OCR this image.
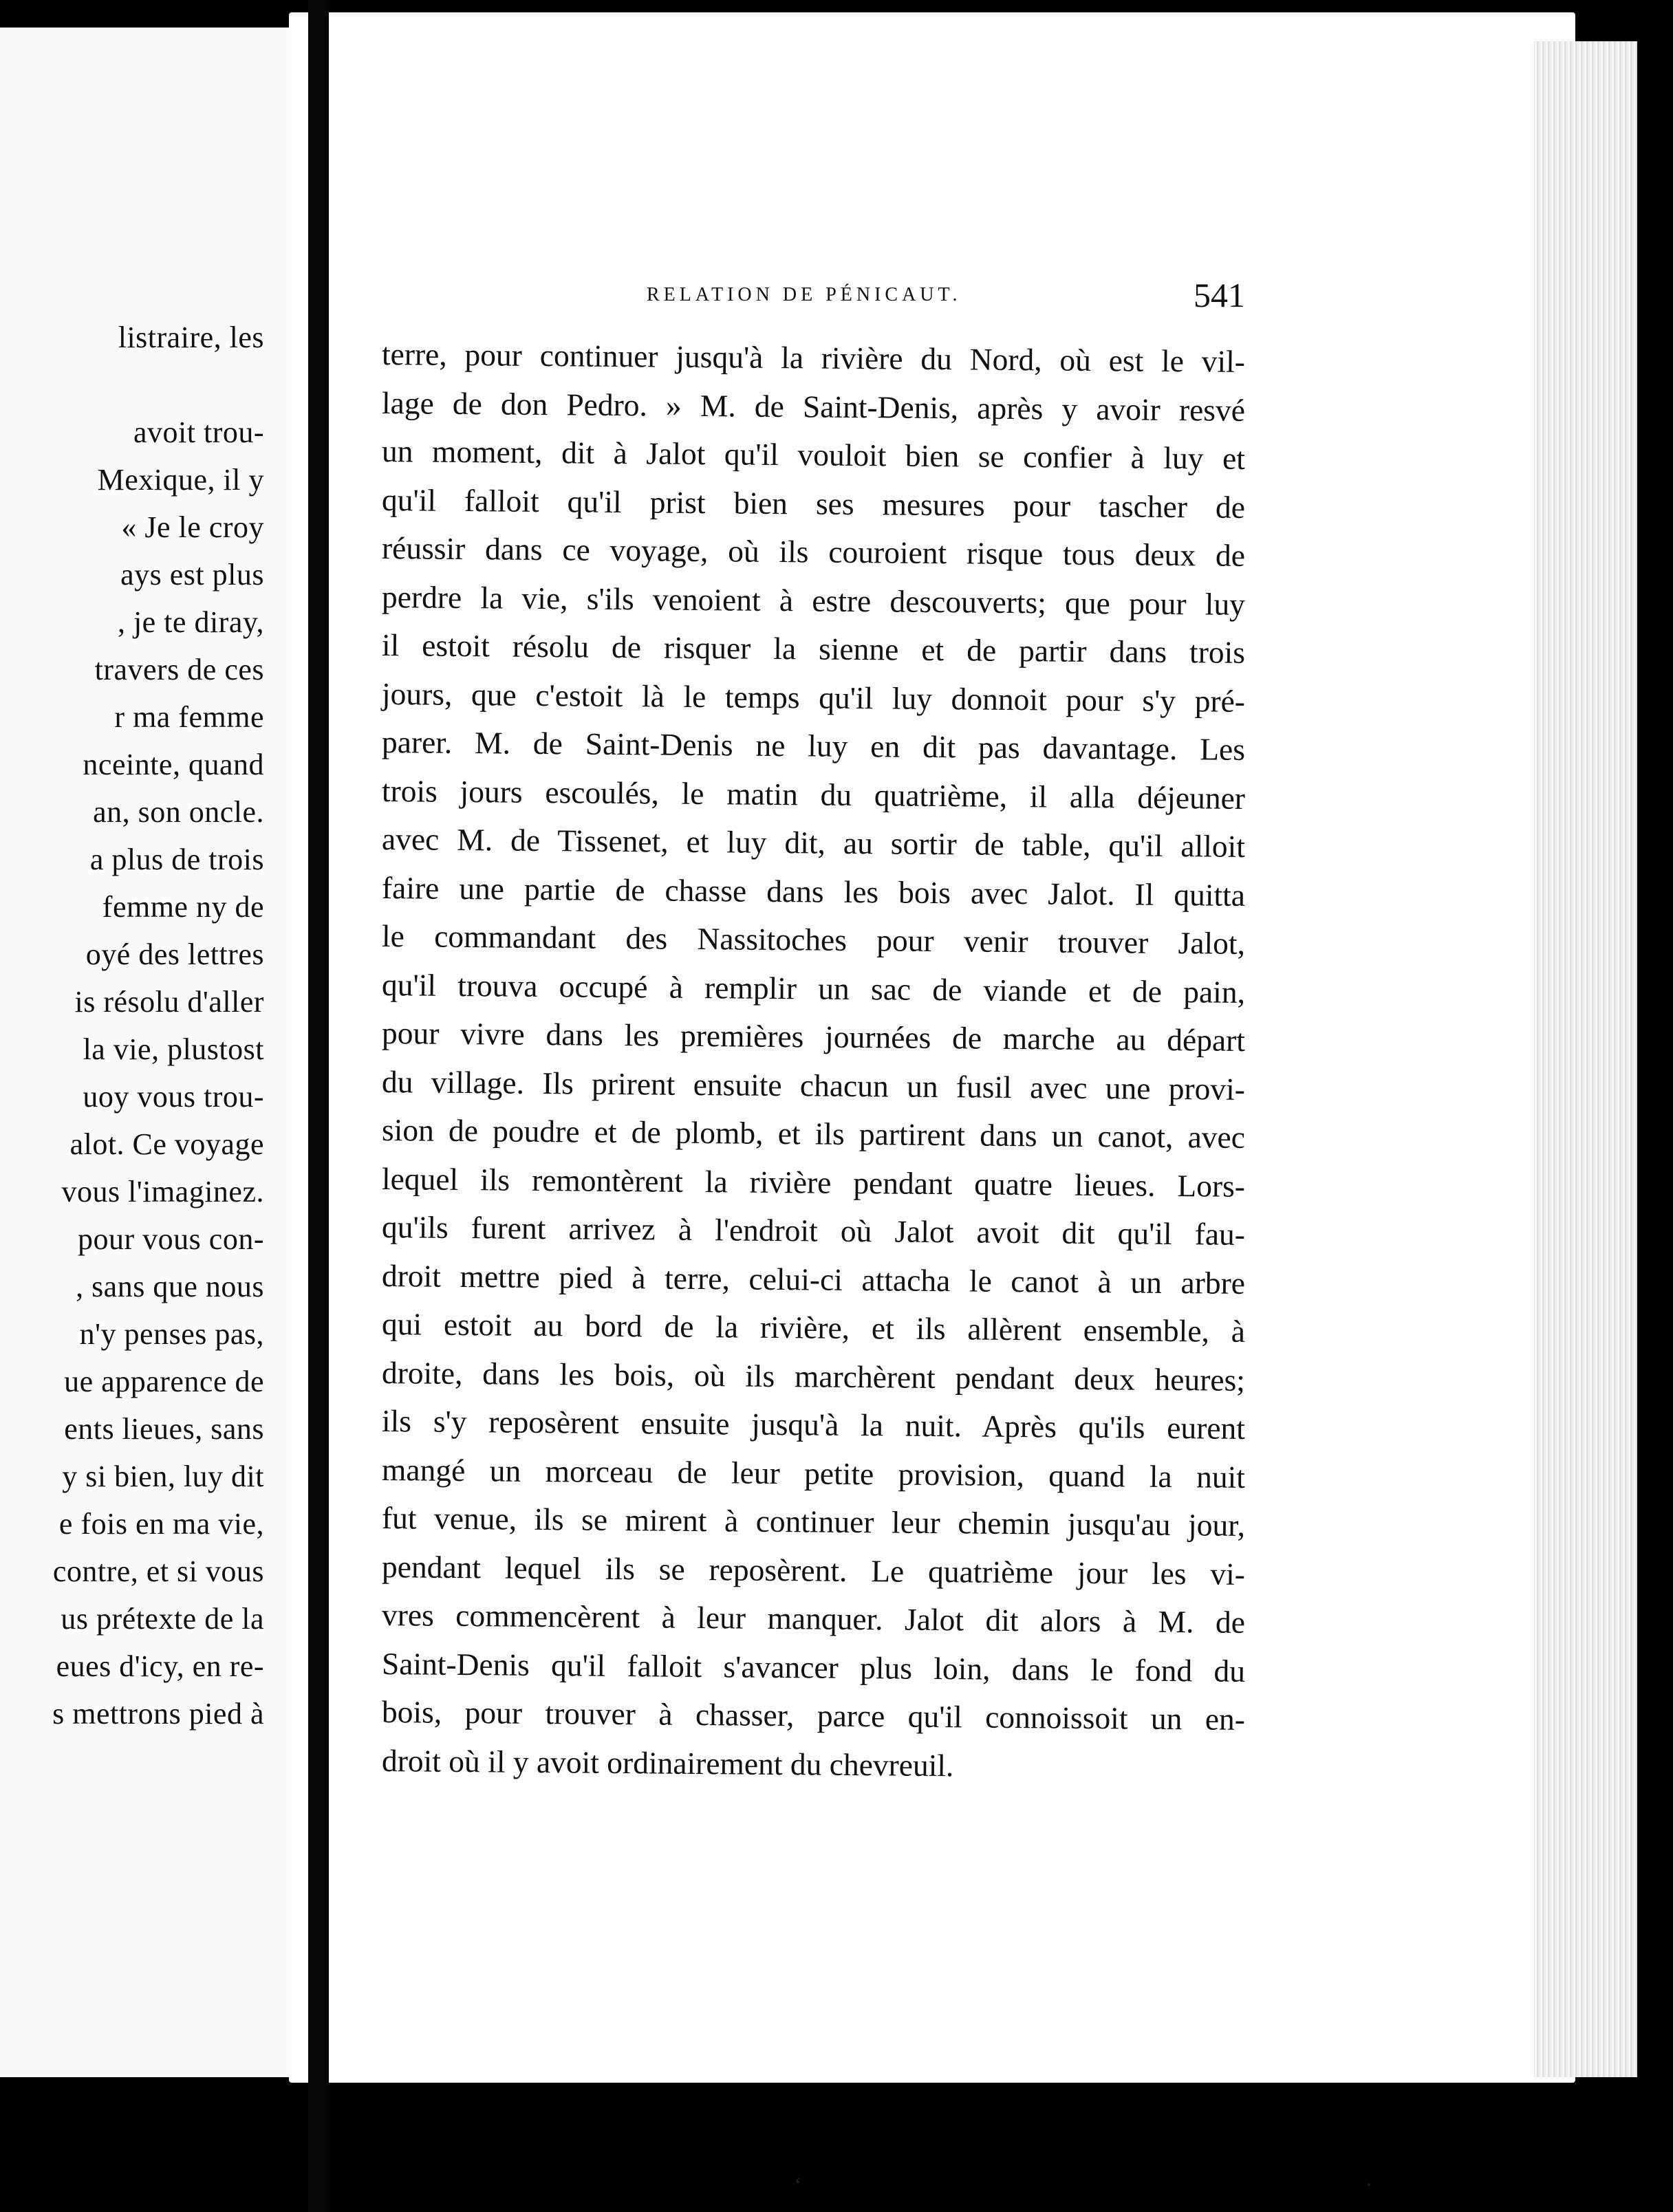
listraire, les
avoit trou-
Mexique, il y
« Je le croy
ays est plus
, je te diray,
travers de ces
r ma femme
nceinte, quand
an, son oncle.
a plus de trois
femme ny de
oyé des lettres
is résolu d'aller
la vie, plustost
uoy vous trou-
alot. Ce voyage
vous l'imaginez.
pour vous con-
, sans que nous
n'y penses pas,
ue apparence de
ents lieues, sans
y si bien, luy dit
e fois en ma vie,
contre, et si vous
us prétexte de la
eues d'icy, en re-
s mettrons pied à
RELATION DE PÉNICAUT.	541
terre, pour continuer jusqu'à la rivière du Nord, où est le vil-
lage de don Pedro. » M. de Saint-Denis, après y avoir resvé
un moment, dit à Jalot qu'il vouloit bien se confier à luy et
qu'il falloit qu'il prist bien ses mesures pour tascher de
réussir dans ce voyage, où ils couroient risque tous deux de
perdre la vie, s'ils venoient à estre descouverts; que pour luy
il estoit résolu de risquer la sienne et de partir dans trois
jours, que c'estoit là le temps qu'il luy donnoit pour s'y pré-
parer. M. de Saint-Denis ne luy en dit pas davantage. Les
trois jours escoulés, le matin du quatrième, il alla déjeuner
avec M. de Tissenet, et luy dit, au sortir de table, qu'il alloit
faire une partie de chasse dans les bois avec Jalot. Il quitta
le commandant des Nassitoches pour venir trouver Jalot,
qu'il trouva occupé à remplir un sac de viande et de pain,
pour vivre dans les premières journées de marche au départ
du village. Ils prirent ensuite chacun un fusil avec une provi-
sion de poudre et de plomb, et ils partirent dans un canot, avec
lequel ils remontèrent la rivière pendant quatre lieues. Lors-
qu'ils furent arrivez à l'endroit où Jalot avoit dit qu'il fau-
droit mettre pied à terre, celui-ci attacha le canot à un arbre
qui estoit au bord de la rivière, et ils allèrent ensemble, à
droite, dans les bois, où ils marchèrent pendant deux heures;
ils s'y reposèrent ensuite jusqu'à la nuit. Après qu'ils eurent
mangé un morceau de leur petite provision, quand la nuit
fut venue, ils se mirent à continuer leur chemin jusqu'au jour,
pendant lequel ils se reposèrent. Le quatrième jour les vi-
vres commencèrent à leur manquer. Jalot dit alors à M. de
Saint-Denis qu'il falloit s'avancer plus loin, dans le fond du
bois, pour trouver à chasser, parce qu'il connoissoit un en-
droit où il y avoit ordinairement du chevreuil.
‘	·
